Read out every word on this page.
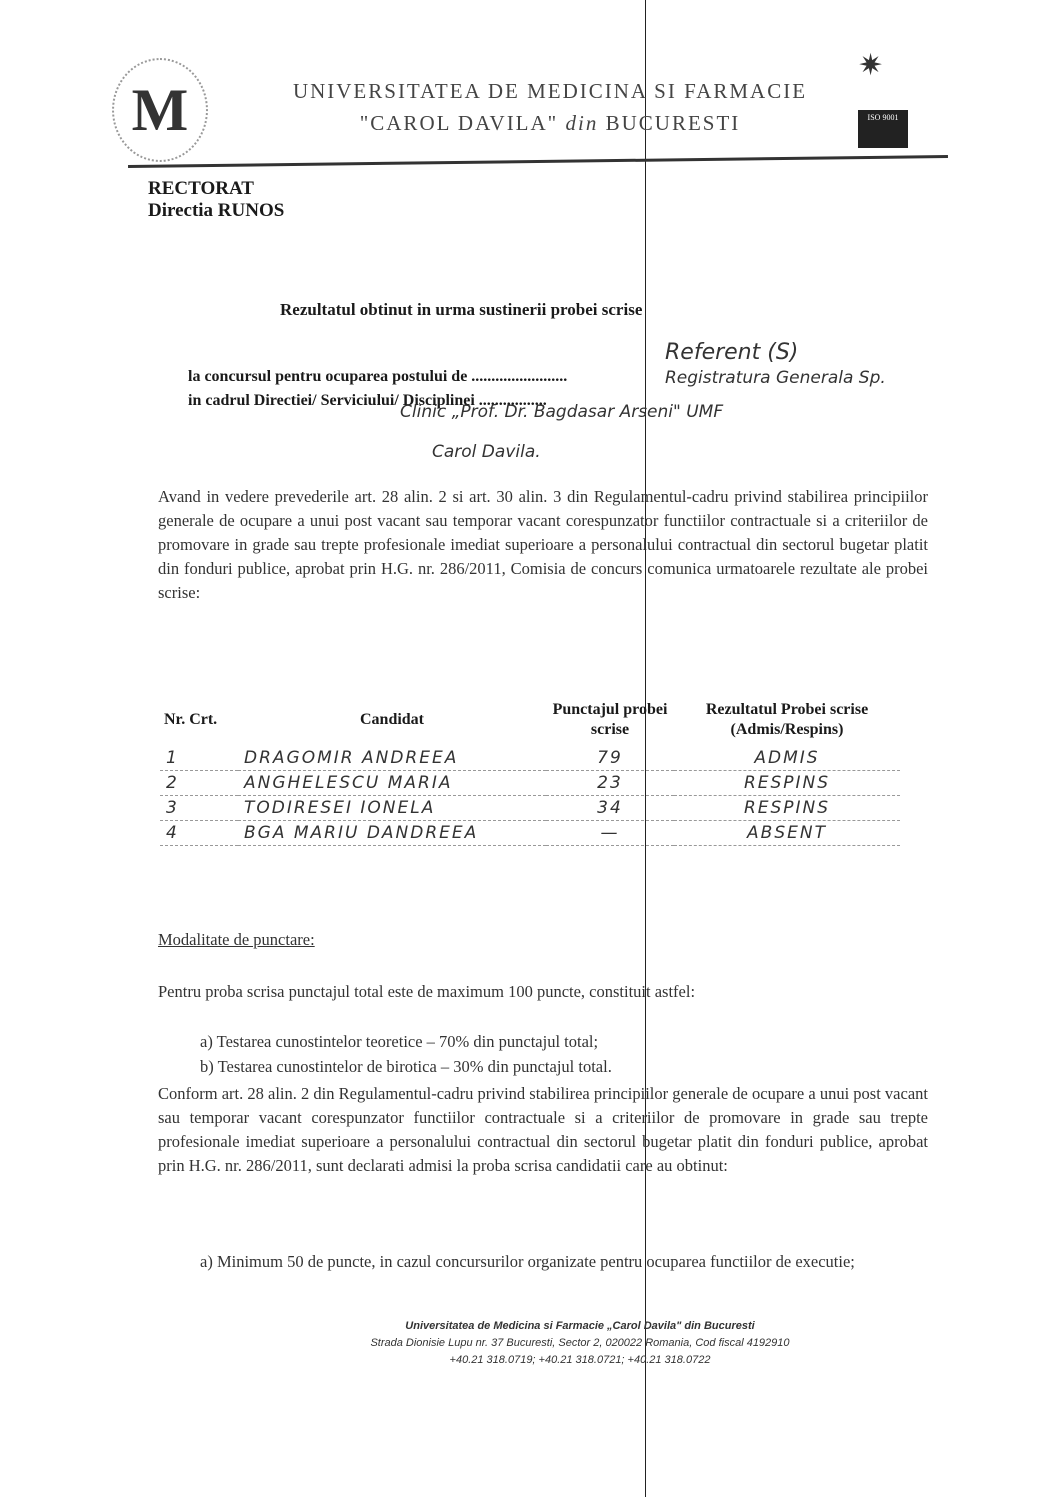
M	UNIVERSITATEA DE MEDICINA SI FARMACIE
"CAROL DAVILA" din BUCURESTI
✷
ISO 9001
RECTORAT
Directia RUNOS
Rezultatul obtinut in urma sustinerii probei scrise
Referent (S)
la concursul pentru ocuparea postului de ........................	Registratura Generala Sp.
in cadrul Directiei/ Serviciului/ Disciplinei .................
Clinic „Prof. Dr. Bagdasar Arseni" UMF
Carol Davila.
Avand in vedere prevederile art. 28 alin. 2 si art. 30 alin. 3 din Regulamentul-cadru privind stabilirea principiilor generale de ocupare a unui post vacant sau temporar vacant corespunzator functiilor contractuale si a criteriilor de promovare in grade sau trepte profesionale imediat superioare a personalului contractual din sectorul bugetar platit din fonduri publice, aprobat prin H.G. nr. 286/2011, Comisia de concurs comunica urmatoarele rezultate ale probei scrise:
Nr. Crt.	Candidat	Punctajul probei scrise	Rezultatul Probei scrise (Admis/Respins)
1	DRAGOMIR ANDREEA	79	ADMIS
2	ANGHELESCU MARIA	23	RESPINS
3	TODIRESEI IONELA	34	RESPINS
4	BGA MARIU DANDREEA	—	ABSENT
Modalitate de punctare:
Pentru proba scrisa punctajul total este de maximum 100 puncte, constituit astfel:
a) Testarea cunostintelor teoretice – 70% din punctajul total;
b) Testarea cunostintelor de birotica – 30% din punctajul total.
Conform art. 28 alin. 2 din Regulamentul-cadru privind stabilirea principiilor generale de ocupare a unui post vacant sau temporar vacant corespunzator functiilor contractuale si a criteriilor de promovare in grade sau trepte profesionale imediat superioare a personalului contractual din sectorul bugetar platit din fonduri publice, aprobat prin H.G. nr. 286/2011, sunt declarati admisi la proba scrisa candidatii care au obtinut:
a) Minimum 50 de puncte, in cazul concursurilor organizate pentru ocuparea functiilor de executie;
Universitatea de Medicina si Farmacie „Carol Davila" din Bucuresti
Strada Dionisie Lupu nr. 37 Bucuresti, Sector 2, 020022 Romania, Cod fiscal 4192910
+40.21 318.0719; +40.21 318.0721; +40.21 318.0722
